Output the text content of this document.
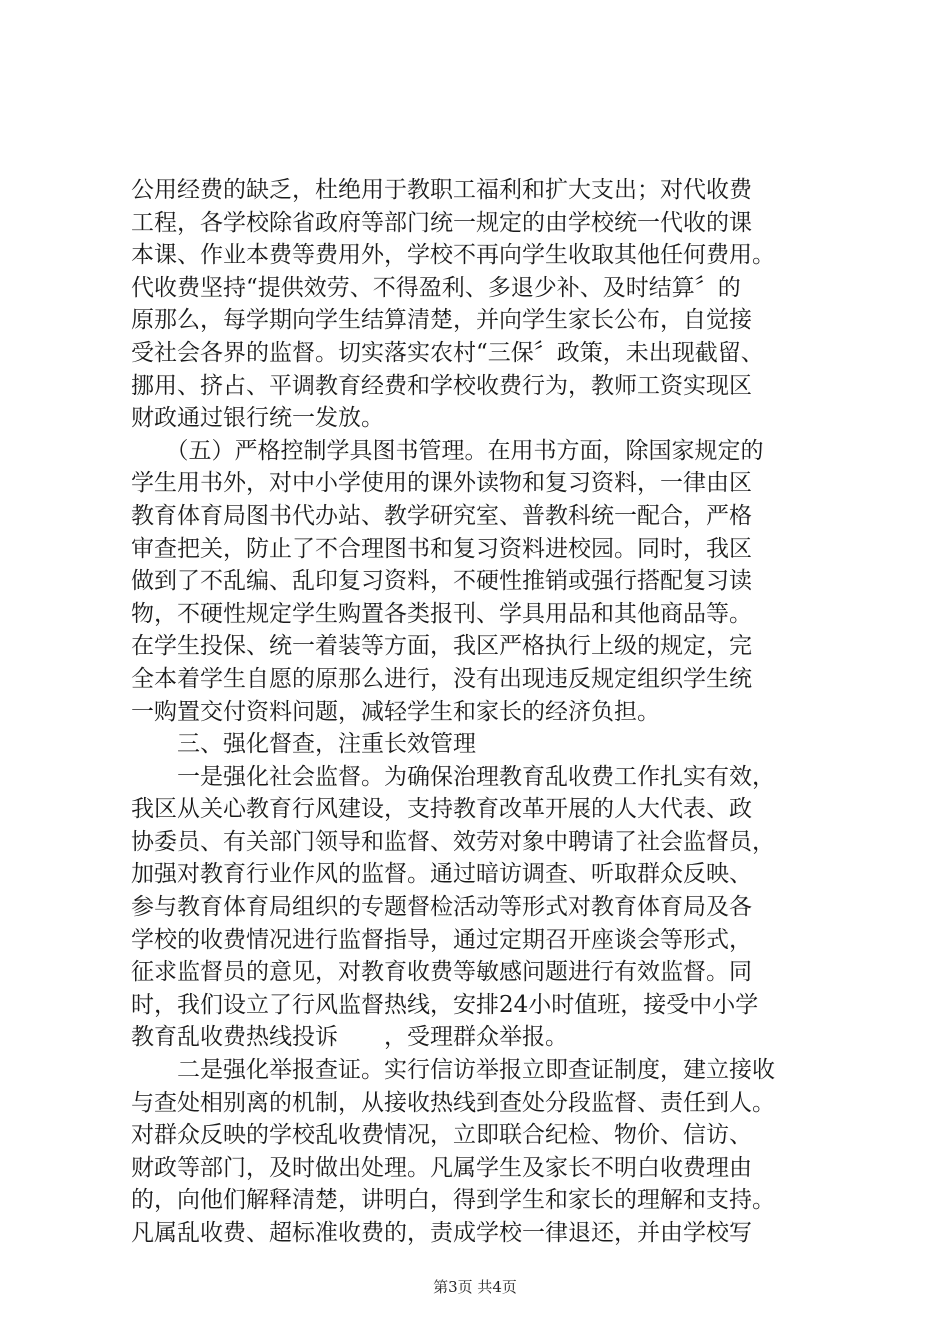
公用经费的缺乏，杜绝用于教职工福利和扩大支出；对代收费
工程，各学校除省政府等部门统一规定的由学校统一代收的课
本课、作业本费等费用外，学校不再向学生收取其他任何费用。
代收费坚持“提供效劳、不得盈利、多退少补、及时结算〞的
原那么，每学期向学生结算清楚，并向学生家长公布，自觉接
受社会各界的监督。切实落实农村“三保〞政策，未出现截留、
挪用、挤占、平调教育经费和学校收费行为，教师工资实现区
财政通过银行统一发放。
　　（五）严格控制学具图书管理。在用书方面，除国家规定的
学生用书外，对中小学使用的课外读物和复习资料，一律由区
教育体育局图书代办站、教学研究室、普教科统一配合，严格
审查把关，防止了不合理图书和复习资料进校园。同时，我区
做到了不乱编、乱印复习资料，不硬性推销或强行搭配复习读
物，不硬性规定学生购置各类报刊、学具用品和其他商品等。
在学生投保、统一着装等方面，我区严格执行上级的规定，完
全本着学生自愿的原那么进行，没有出现违反规定组织学生统
一购置交付资料问题，减轻学生和家长的经济负担。
　　三、强化督查，注重长效管理
　　一是强化社会监督。为确保治理教育乱收费工作扎实有效，
我区从关心教育行风建设，支持教育改革开展的人大代表、政
协委员、有关部门领导和监督、效劳对象中聘请了社会监督员，
加强对教育行业作风的监督。通过暗访调查、听取群众反映、
参与教育体育局组织的专题督检活动等形式对教育体育局及各
学校的收费情况进行监督指导，通过定期召开座谈会等形式，
征求监督员的意见，对教育收费等敏感问题进行有效监督。同
时，我们设立了行风监督热线，安排24小时值班，接受中小学
教育乱收费热线投诉　　，受理群众举报。
　　二是强化举报查证。实行信访举报立即查证制度，建立接收
与查处相别离的机制，从接收热线到查处分段监督、责任到人。
对群众反映的学校乱收费情况，立即联合纪检、物价、信访、
财政等部门，及时做出处理。凡属学生及家长不明白收费理由
的，向他们解释清楚，讲明白，得到学生和家长的理解和支持。
凡属乱收费、超标准收费的，责成学校一律退还，并由学校写
第3页 共4页
